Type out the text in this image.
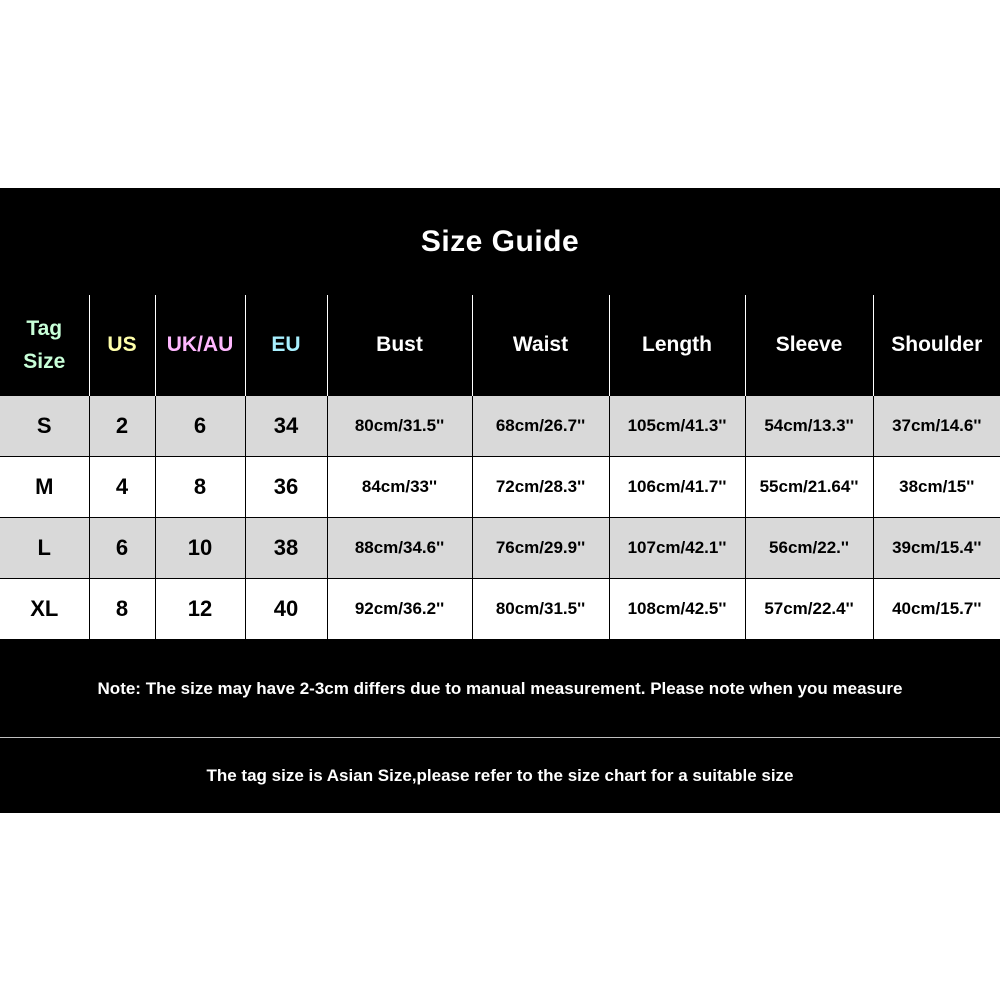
Size Guide
Tag
Size	US	UK/AU	EU	Bust	Waist	Length	Sleeve	Shoulder
S	2	6	34	80cm/31.5''	68cm/26.7''	105cm/41.3''	54cm/13.3''	37cm/14.6''
M	4	8	36	84cm/33''	72cm/28.3''	106cm/41.7''	55cm/21.64''	38cm/15''
L	6	10	38	88cm/34.6''	76cm/29.9''	107cm/42.1''	56cm/22.''	39cm/15.4''
XL	8	12	40	92cm/36.2''	80cm/31.5''	108cm/42.5''	57cm/22.4''	40cm/15.7''
Note: The size may have 2-3cm differs due to manual measurement. Please note when you measure
The tag size is Asian Size,please refer to the size chart for a suitable size
